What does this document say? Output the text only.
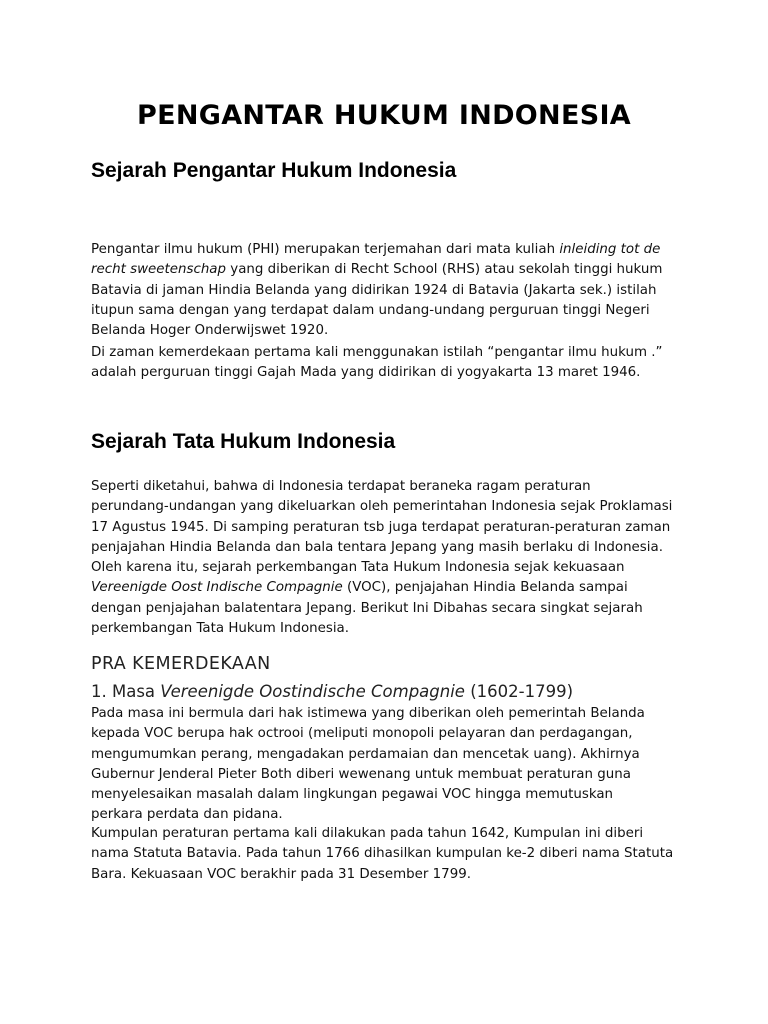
PENGANTAR HUKUM INDONESIA
Sejarah Pengantar Hukum Indonesia

Pengantar ilmu hukum (PHI) merupakan terjemahan dari mata kuliah inleiding tot de
recht sweetenschap yang diberikan di Recht School (RHS) atau sekolah tinggi hukum
Batavia di jaman Hindia Belanda yang didirikan 1924 di Batavia (Jakarta sek.) istilah
itupun sama dengan yang terdapat dalam undang-undang perguruan tinggi Negeri
Belanda Hoger Onderwijswet 1920.

Di zaman kemerdekaan pertama kali menggunakan istilah “pengantar ilmu hukum .”
adalah perguruan tinggi Gajah Mada yang didirikan di yogyakarta 13 maret 1946.

Sejarah Tata Hukum Indonesia

Seperti diketahui, bahwa di Indonesia terdapat beraneka ragam peraturan
perundang-undangan yang dikeluarkan oleh pemerintahan Indonesia sejak Proklamasi
17 Agustus 1945. Di samping peraturan tsb juga terdapat peraturan-peraturan zaman
penjajahan Hindia Belanda dan bala tentara Jepang yang masih berlaku di Indonesia.
Oleh karena itu, sejarah perkembangan Tata Hukum Indonesia sejak kekuasaan
Vereenigde Oost Indische Compagnie (VOC), penjajahan Hindia Belanda sampai
dengan penjajahan balatentara Jepang. Berikut Ini Dibahas secara singkat sejarah
perkembangan Tata Hukum Indonesia.

PRA KEMERDEKAAN
1. Masa Vereenigde Oostindische Compagnie (1602-1799)

Pada masa ini bermula dari hak istimewa yang diberikan oleh pemerintah Belanda
kepada VOC berupa hak octrooi (meliputi monopoli pelayaran dan perdagangan,
mengumumkan perang, mengadakan perdamaian dan mencetak uang). Akhirnya
Gubernur Jenderal Pieter Both diberi wewenang untuk membuat peraturan guna
menyelesaikan masalah dalam lingkungan pegawai VOC hingga memutuskan
perkara perdata dan pidana.

Kumpulan peraturan pertama kali dilakukan pada tahun 1642, Kumpulan ini diberi
nama Statuta Batavia. Pada tahun 1766 dihasilkan kumpulan ke-2 diberi nama Statuta
Bara. Kekuasaan VOC berakhir pada 31 Desember 1799.
